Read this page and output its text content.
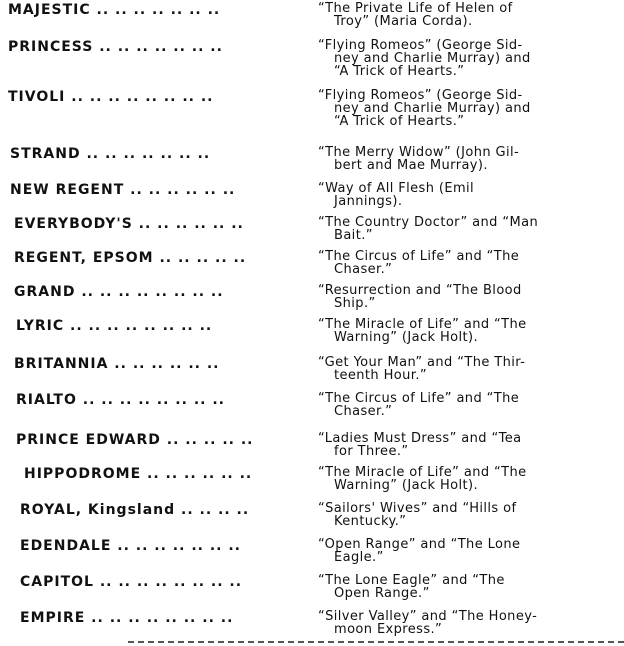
MAJESTIC .. .. .. .. .. .. ..	“The Private Life of Helen of
Troy” (Maria Corda).
PRINCESS .. .. .. .. .. .. ..	“Flying Romeos” (George Sid-
ney and Charlie Murray) and
“A Trick of Hearts.”
TIVOLI .. .. .. .. .. .. .. ..	“Flying Romeos” (George Sid-
ney and Charlie Murray) and
“A Trick of Hearts.”
STRAND .. .. .. .. .. .. ..	“The Merry Widow” (John Gil-
bert and Mae Murray).
NEW REGENT .. .. .. .. .. ..	“Way of All Flesh (Emil
Jannings).
EVERYBODY'S .. .. .. .. .. ..	“The Country Doctor” and “Man
Bait.”
REGENT, EPSOM .. .. .. .. ..	“The Circus of Life” and “The
Chaser.”
GRAND .. .. .. .. .. .. .. ..	“Resurrection and “The Blood
Ship.”
LYRIC .. .. .. .. .. .. .. ..	“The Miracle of Life” and “The
Warning” (Jack Holt).
BRITANNIA .. .. .. .. .. ..	“Get Your Man” and “The Thir-
teenth Hour.”
RIALTO .. .. .. .. .. .. .. ..	“The Circus of Life” and “The
Chaser.”
PRINCE EDWARD .. .. .. .. ..	“Ladies Must Dress” and “Tea
for Three.”
HIPPODROME .. .. .. .. .. ..	“The Miracle of Life” and “The
Warning” (Jack Holt).
ROYAL, Kingsland .. .. .. ..	“Sailors' Wives” and “Hills of
Kentucky.”
EDENDALE .. .. .. .. .. .. ..	“Open Range” and “The Lone
Eagle.”
CAPITOL .. .. .. .. .. .. .. ..	“The Lone Eagle” and “The
Open Range.”
EMPIRE .. .. .. .. .. .. .. ..	“Silver Valley” and “The Honey-
moon Express.”
